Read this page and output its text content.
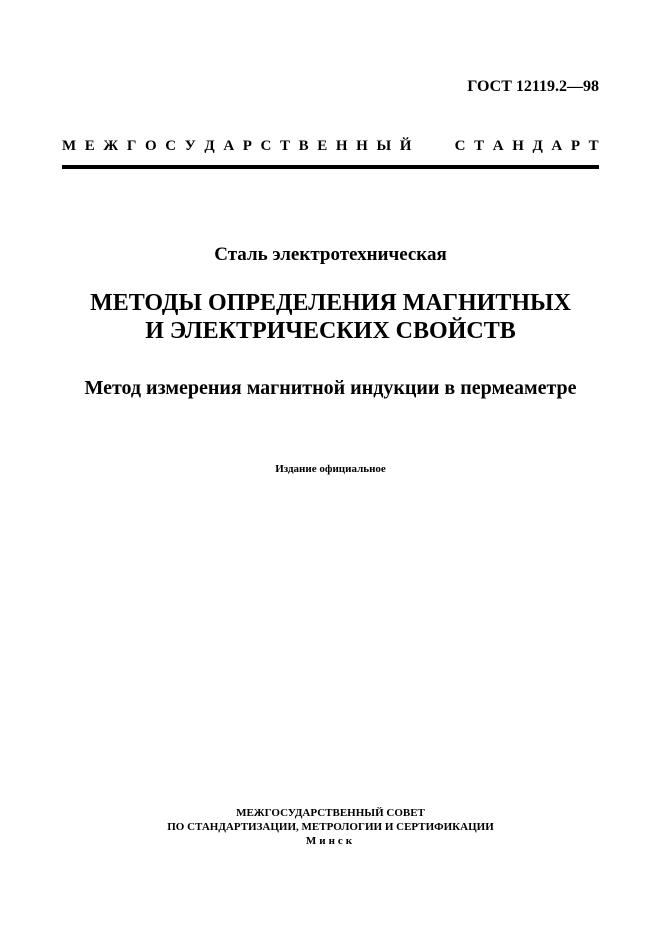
ГОСТ 12119.2—98
М Е Ж Г О С У Д А Р С Т В Е Н Н Ы Й	С Т А Н Д А Р Т
Сталь электротехническая
МЕТОДЫ ОПРЕДЕЛЕНИЯ МАГНИТНЫХ
И ЭЛЕКТРИЧЕСКИХ СВОЙСТВ
Метод измерения магнитной индукции в пермеаметре
Издание официальное
МЕЖГОСУДАРСТВЕННЫЙ СОВЕТ
ПО СТАНДАРТИЗАЦИИ, МЕТРОЛОГИИ И СЕРТИФИКАЦИИ
Минск
